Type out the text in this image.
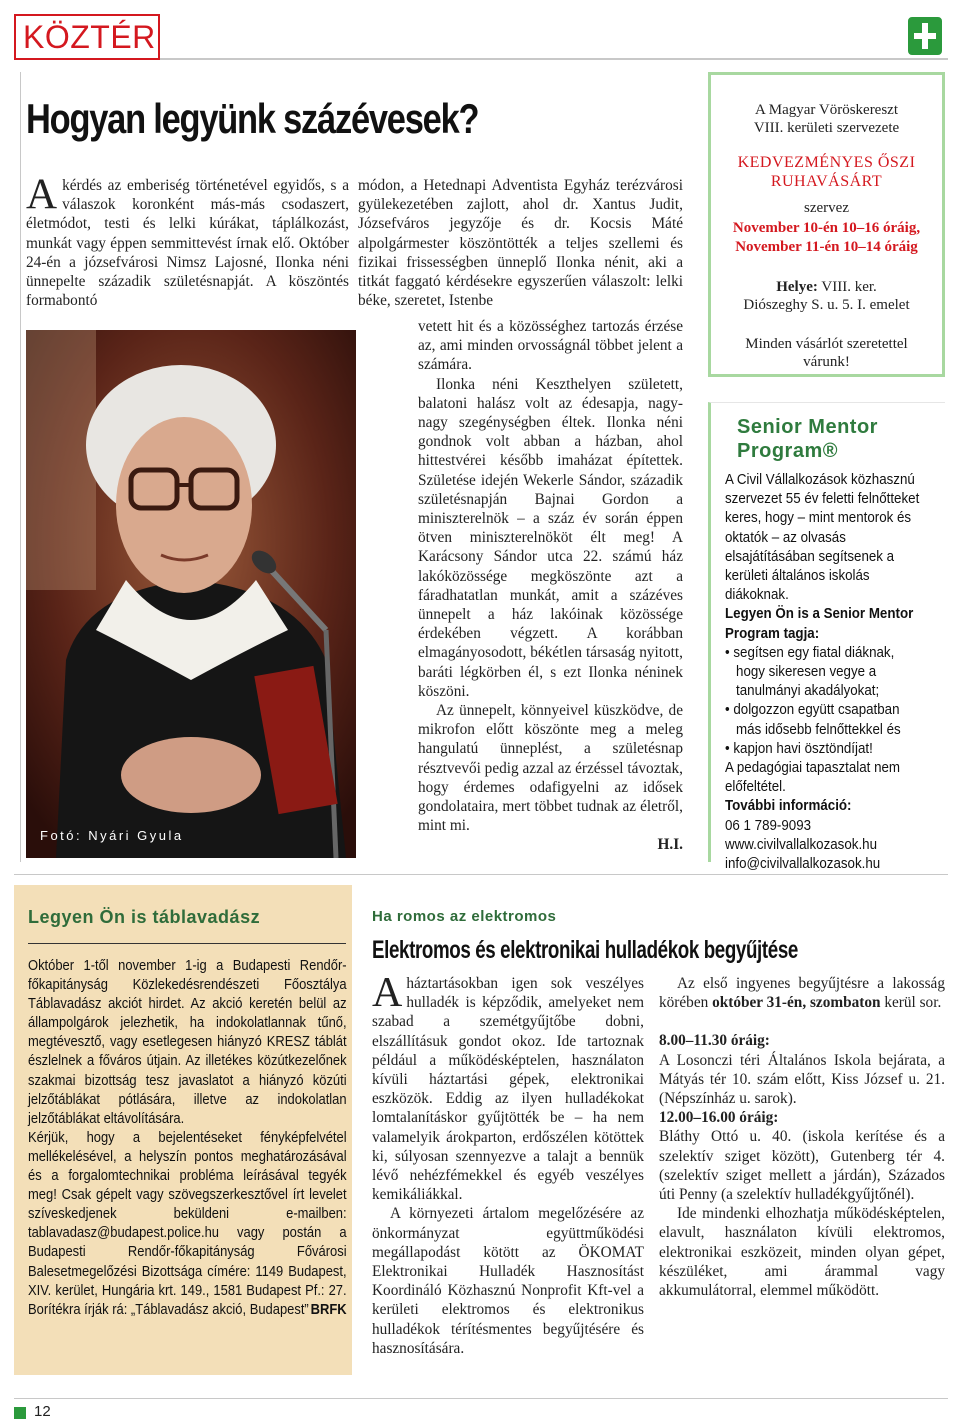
KÖZTÉR
Hogyan legyünk százévesek?
A kérdés az emberiség történetével egyidős, s a válaszok koronként más-más csodaszert, életmódot, testi és lelki kúrákat, táplálkozást, munkát vagy éppen semmittevést írnak elő. Október 24-én a józsefvárosi Nimsz Lajosné, Ilonka néni ünnepelte századik születésnapját. A köszöntés formabontó
Fotó: Nyári Gyula
módon, a Hetednapi Adventista Egyház terézvárosi gyülekezetében zajlott, ahol dr. Xantus Judit, Józsefváros jegyzője és dr. Kocsis Máté alpolgármester köszöntötték a teljes szellemi és fizikai frissességben ünneplő Ilonka nénit, aki a titkát faggató kérdésekre egyszerűen válaszolt: lelki béke, szeretet, Istenbe

vetett hit és a közösséghez tartozás érzése az, ami minden orvosságnál többet jelent a számára.

Ilonka néni Keszthelyen született, balatoni halász volt az édesapja, nagy-nagy szegénységben éltek. Ilonka néni gondnok volt abban a házban, ahol hittestvérei később imaházat építettek. Születése idején Wekerle Sándor, századik születésnapján Bajnai Gordon a miniszterelnök – a száz év során éppen ötven miniszterelnököt élt meg! A Karácsony Sándor utca 22. számú ház lakóközössége megköszönte azt a fáradhatatlan munkát, amit a százéves ünnepelt a ház lakóinak közössége érdekében végzett. A korábban elmagányosodott, békétlen társaság nyitott, baráti légkörben él, s ezt Ilonka néninek köszöni.

Az ünnepelt, könnyeivel küszködve, de mikrofon előtt köszönte meg a meleg hangulatú ünneplést, a születésnap résztvevői pedig azzal az érzéssel távoztak, hogy érdemes odafigyelni az idősek gondolataira, mert többet tudnak az életről, mint mi.

H.I.

A Magyar Vöröskereszt
VIII. kerületi szervezete
KEDVEZMÉNYES ŐSZI
RUHAVÁSÁRT
szervez
November 10-én 10–16 óráig,
November 11-én 10–14 óráig
Helye: VIII. ker.
Diószeghy S. u. 5. I. emelet
Minden vásárlót szeretettel
várunk!
Senior Mentor
Program®

A Civil Vállalkozások közhasznú szervezet 55 év feletti felnőtteket keres, hogy – mint mentorok és oktatók – az olvasás elsajátításában segítsenek a kerületi általános iskolás diákoknak.

Legyen Ön is a Senior Mentor Program tagja:

• segítsen egy fiatal diáknak, hogy sikeresen vegye a tanulmányi akadályokat;
• dolgozzon együtt csapatban más idősebb felnőttekkel és
• kapjon havi ösztöndíjat!

A pedagógiai tapasztalat nem előfeltétel.

További információ:

06 1 789-9093

www.civilvallalkozasok.hu

info@civilvallalkozasok.hu

Legyen Ön is táblavadász

Október 1-től november 1-ig a Budapesti Rendőr-főkapitányság Közlekedésrendészeti Főosztálya Táblavadász akciót hirdet. Az akció keretén belül az állampolgárok jelezhetik, ha indokolatlannak tűnő, megtévesztő, vagy esetlegesen hiányzó KRESZ táblát észlelnek a főváros útjain. Az illetékes közútkezelőnek szakmai bizottság tesz javaslatot a hiányzó közúti jelzőtáblákat pótlására, illetve az indokolatlan jelzőtáblákat eltávolítására.

Kérjük, hogy a bejelentéseket fényképfelvétel mellékelésével, a helyszín pontos meghatározásával és a forgalomtechnikai probléma leírásával tegyék meg! Csak gépelt vagy szövegszerkesztővel írt levelet szíveskedjenek beküldeni e-mailben: tablavadasz@budapest.police.hu vagy postán a Budapesti Rendőr-főkapitányság Fővárosi Balesetmegelőzési Bizottsága címére: 1149 Budapest, XIV. kerület, Hungária krt. 149., 1581 Budapest Pf.: 27. Borítékra írják rá: „Táblavadász akció, Budapest” BRFK

Ha romos az elektromos
Elektromos és elektronikai hulladékok begyűjtése

A háztartásokban igen sok veszélyes hulladék is képződik, amelyeket nem szabad a szemétgyűjtőbe dobni, elszállításuk gondot okoz. Ide tartoznak például a működésképtelen, használaton kívüli háztartási gépek, elektronikai eszközök. Eddig az ilyen hulladékokat lomtalanításkor gyűjtötték be – ha nem valamelyik árokparton, erdőszélen kötöttek ki, súlyosan szennyezve a talajt a bennük lévő nehézfémekkel és egyéb veszélyes kemikáliákkal.

A környezeti ártalom megelőzésére az önkormányzat együttműködési megállapodást kötött az ÖKOMAT Elektronikai Hulladék Hasznosítást Koordináló Közhasznú Nonprofit Kft-vel a kerületi elektromos és elektronikus hulladékok térítésmentes begyűjtésére és hasznosítására.

Az első ingyenes begyűjtésre a lakosság körében október 31-én, szombaton kerül sor.

8.00–11.30 óráig:

A Losonczi téri Általános Iskola bejárata, a Mátyás tér 10. szám előtt, Kiss József u. 21. (Népszínház u. sarok).

12.00–16.00 óráig:

Bláthy Ottó u. 40. (iskola kerítése és a szelektív sziget között), Gutenberg tér 4. (szelektív sziget mellett a járdán), Százados úti Penny (a szelektív hulladékgyűjtőnél).

Ide mindenki elhozhatja működésképtelen, elavult, használaton kívüli elektromos, elektronikai eszközeit, minden olyan gépet, készüléket, ami árammal vagy akkumulátorral, elemmel működött.

12
